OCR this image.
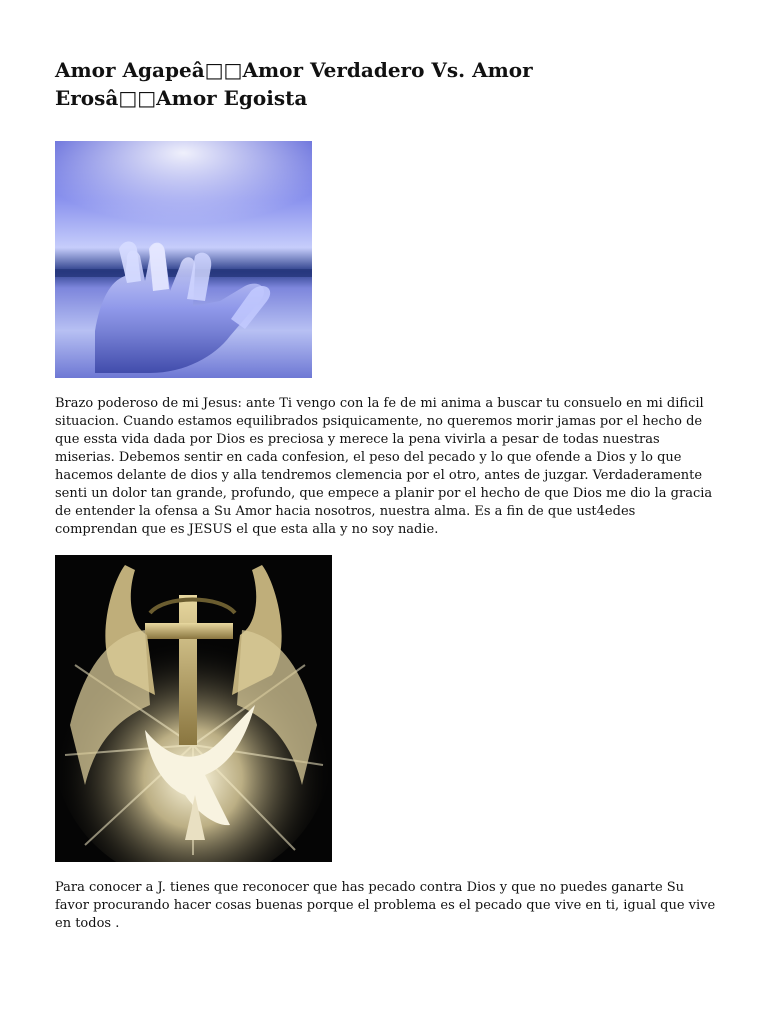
Amor Agapeâ□□Amor Verdadero Vs. Amor Erosâ□□Amor Egoista

Brazo poderoso de mi Jesus: ante Ti vengo con la fe de mi anima a buscar tu consuelo en mi dificil situacion. Cuando estamos equilibrados psiquicamente, no queremos morir jamas por el hecho de que essta vida dada por Dios es preciosa y merece la pena vivirla a pesar de todas nuestras miserias. Debemos sentir en cada confesion, el peso del pecado y lo que ofende a Dios y lo que hacemos delante de dios y alla tendremos clemencia por el otro, antes de juzgar. Verdaderamente senti un dolor tan grande, profundo, que empece a planir por el hecho de que Dios me dio la gracia de entender la ofensa a Su Amor hacia nosotros, nuestra alma. Es a fin de que ust4edes comprendan que es JESUS el que esta alla y no soy nadie.

Para conocer a J. tienes que reconocer que has pecado contra Dios y que no puedes ganarte Su favor procurando hacer cosas buenas porque el problema es el pecado que vive en ti, igual que vive en todos .
